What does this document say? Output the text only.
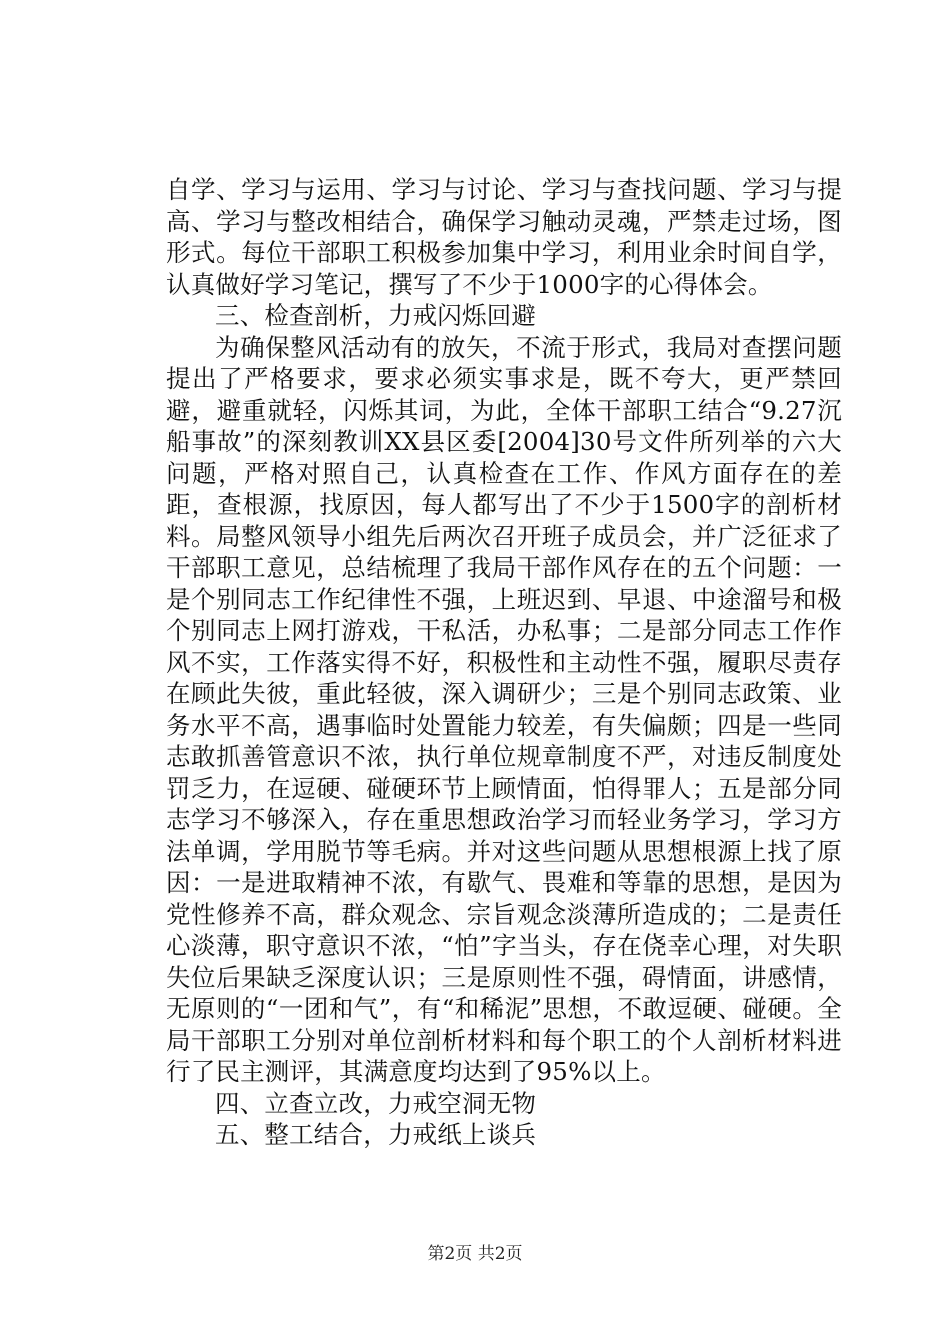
自学、学习与运用、学习与讨论、学习与查找问题、学习与提高、学习与整改相结合，确保学习触动灵魂，严禁走过场，图形式。每位干部职工积极参加集中学习，利用业余时间自学，认真做好学习笔记，撰写了不少于1000字的心得体会。

三、检查剖析，力戒闪烁回避

为确保整风活动有的放矢，不流于形式，我局对查摆问题提出了严格要求，要求必须实事求是，既不夸大，更严禁回避，避重就轻，闪烁其词，为此，全体干部职工结合“9.27沉船事故”的深刻教训XX县区委[2004]30号文件所列举的六大问题，严格对照自己，认真检查在工作、作风方面存在的差距，查根源，找原因，每人都写出了不少于1500字的剖析材料。局整风领导小组先后两次召开班子成员会，并广泛征求了干部职工意见，总结梳理了我局干部作风存在的五个问题：一是个别同志工作纪律性不强，上班迟到、早退、中途溜号和极个别同志上网打游戏，干私活，办私事；二是部分同志工作作风不实，工作落实得不好，积极性和主动性不强，履职尽责存在顾此失彼，重此轻彼，深入调研少；三是个别同志政策、业务水平不高，遇事临时处置能力较差，有失偏颇；四是一些同志敢抓善管意识不浓，执行单位规章制度不严，对违反制度处罚乏力，在逗硬、碰硬环节上顾情面，怕得罪人；五是部分同志学习不够深入，存在重思想政治学习而轻业务学习，学习方法单调，学用脱节等毛病。并对这些问题从思想根源上找了原因：一是进取精神不浓，有歇气、畏难和等靠的思想，是因为党性修养不高，群众观念、宗旨观念淡薄所造成的；二是责任心淡薄，职守意识不浓，“怕”字当头，存在侥幸心理，对失职失位后果缺乏深度认识；三是原则性不强，碍情面，讲感情，无原则的“一团和气”，有“和稀泥”思想，不敢逗硬、碰硬。全局干部职工分别对单位剖析材料和每个职工的个人剖析材料进行了民主测评，其满意度均达到了95%以上。

四、立查立改，力戒空洞无物

五、整工结合，力戒纸上谈兵

第2页 共2页
